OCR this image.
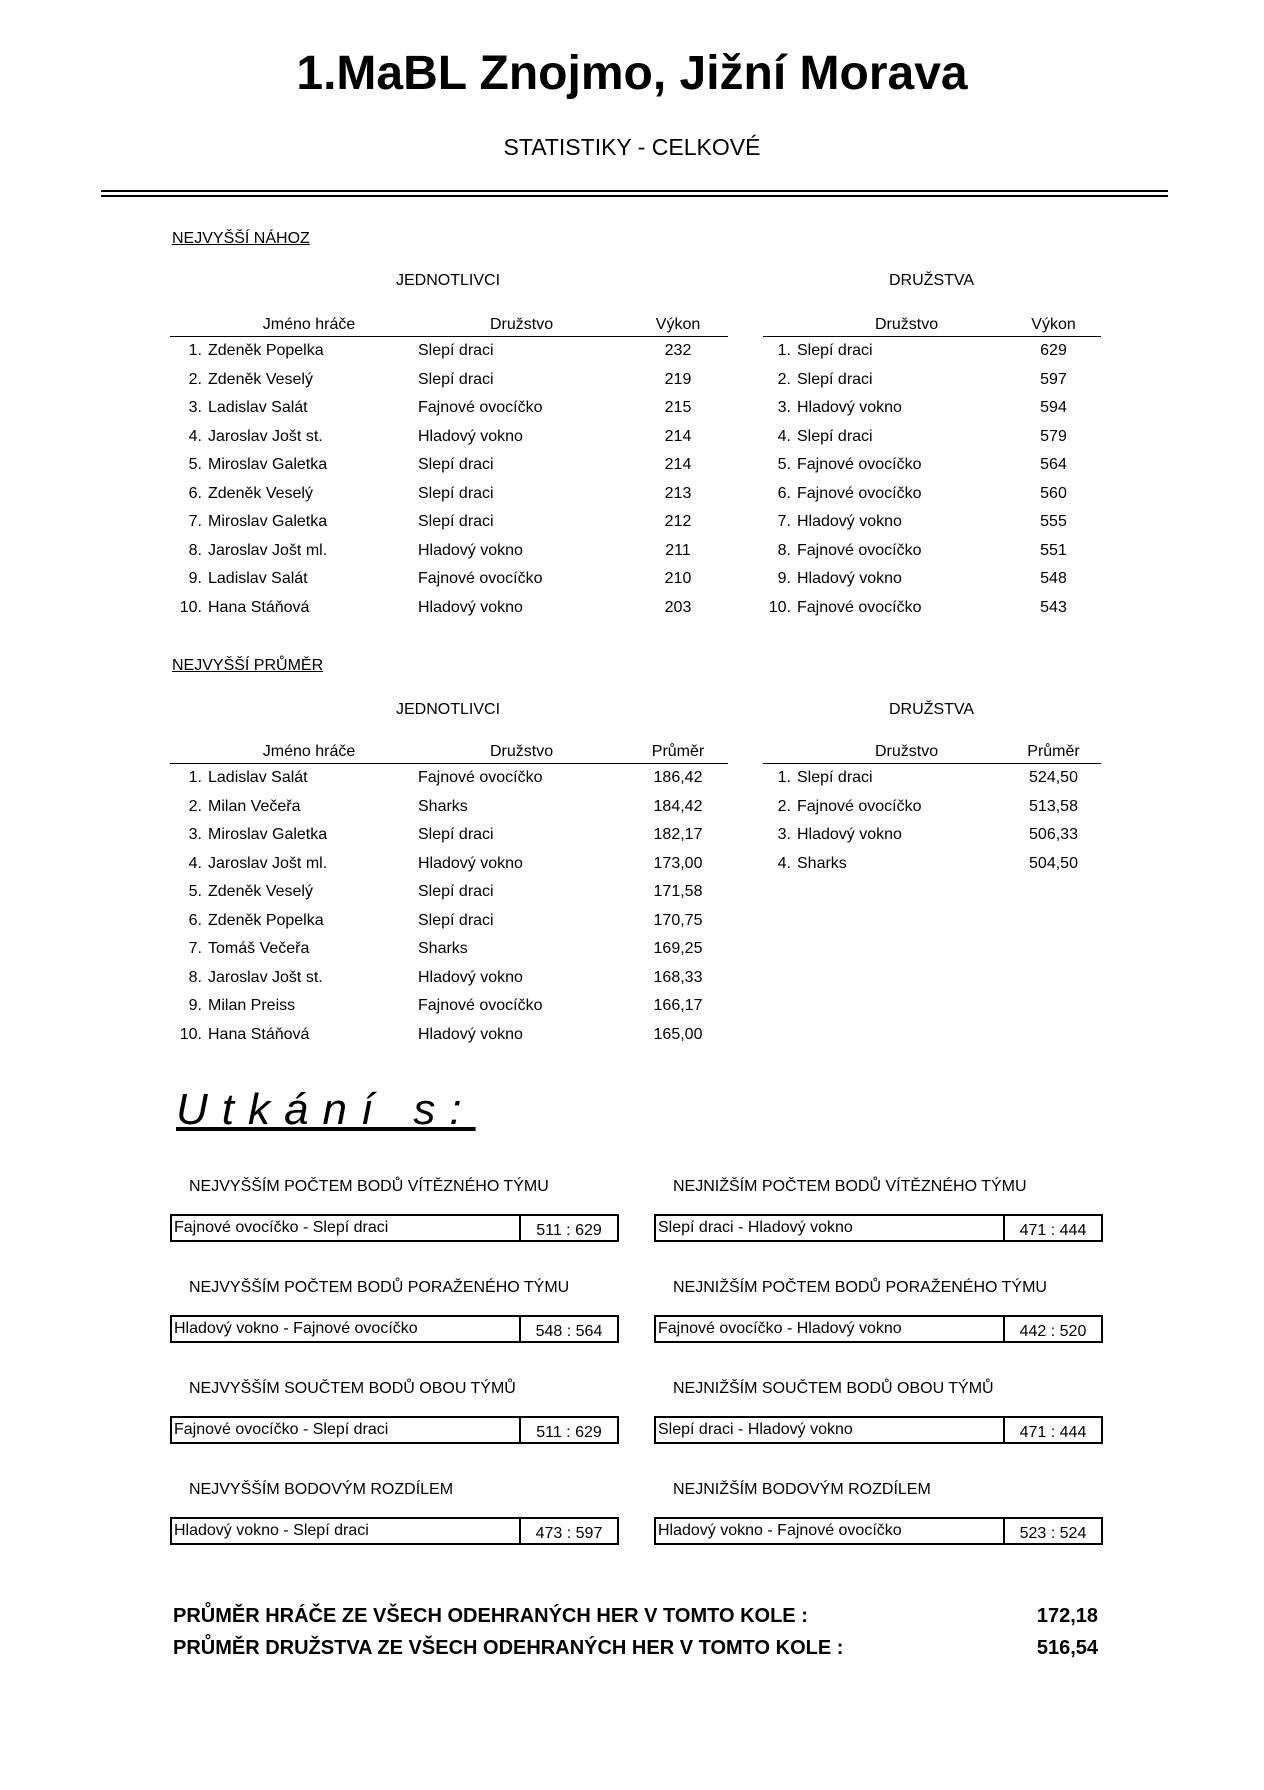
1.MaBL Znojmo, Jižní Morava
STATISTIKY - CELKOVÉ
NEJVYŠŠÍ NÁHOZ
JEDNOTLIVCI	DRUŽSTVA
Jméno hráče	Družstvo	Výkon
1. Zdeněk Popelka	Slepí draci	232
2. Zdeněk Veselý	Slepí draci	219
3. Ladislav Salát	Fajnové ovocíčko	215
4. Jaroslav Jošt st.	Hladový vokno	214
5. Miroslav Galetka	Slepí draci	214
6. Zdeněk Veselý	Slepí draci	213
7. Miroslav Galetka	Slepí draci	212
8. Jaroslav Jošt ml.	Hladový vokno	211
9. Ladislav Salát	Fajnové ovocíčko	210
10. Hana Stáňová	Hladový vokno	203
Družstvo	Výkon
1. Slepí draci	629
2. Slepí draci	597
3. Hladový vokno	594
4. Slepí draci	579
5. Fajnové ovocíčko	564
6. Fajnové ovocíčko	560
7. Hladový vokno	555
8. Fajnové ovocíčko	551
9. Hladový vokno	548
10. Fajnové ovocíčko	543
NEJVYŠŠÍ PRŮMĚR
JEDNOTLIVCI	DRUŽSTVA
Jméno hráče	Družstvo	Průměr
1. Ladislav Salát	Fajnové ovocíčko	186,42
2. Milan Večeřa	Sharks	184,42
3. Miroslav Galetka	Slepí draci	182,17
4. Jaroslav Jošt ml.	Hladový vokno	173,00
5. Zdeněk Veselý	Slepí draci	171,58
6. Zdeněk Popelka	Slepí draci	170,75
7. Tomáš Večeřa	Sharks	169,25
8. Jaroslav Jošt st.	Hladový vokno	168,33
9. Milan Preiss	Fajnové ovocíčko	166,17
10. Hana Stáňová	Hladový vokno	165,00
Družstvo	Průměr
1. Slepí draci	524,50
2. Fajnové ovocíčko	513,58
3. Hladový vokno	506,33
4. Sharks	504,50
Utkání s:
NEJVYŠŠÍM POČTEM BODŮ VÍTĚZNÉHO TÝMU
Fajnové ovocíčko - Slepí draci	511 : 629
NEJNIŽŠÍM POČTEM BODŮ VÍTĚZNÉHO TÝMU
Slepí draci - Hladový vokno	471 : 444
NEJVYŠŠÍM POČTEM BODŮ PORAŽENÉHO TÝMU
Hladový vokno - Fajnové ovocíčko	548 : 564
NEJNIŽŠÍM POČTEM BODŮ PORAŽENÉHO TÝMU
Fajnové ovocíčko - Hladový vokno	442 : 520
NEJVYŠŠÍM SOUČTEM BODŮ OBOU TÝMŮ
Fajnové ovocíčko - Slepí draci	511 : 629
NEJNIŽŠÍM SOUČTEM BODŮ OBOU TÝMŮ
Slepí draci - Hladový vokno	471 : 444
NEJVYŠŠÍM BODOVÝM ROZDÍLEM
Hladový vokno - Slepí draci	473 : 597
NEJNIŽŠÍM BODOVÝM ROZDÍLEM
Hladový vokno - Fajnové ovocíčko	523 : 524
PRŮMĚR HRÁČE ZE VŠECH ODEHRANÝCH HER V TOMTO KOLE :	172,18
PRŮMĚR DRUŽSTVA ZE VŠECH ODEHRANÝCH HER V TOMTO KOLE :	516,54
